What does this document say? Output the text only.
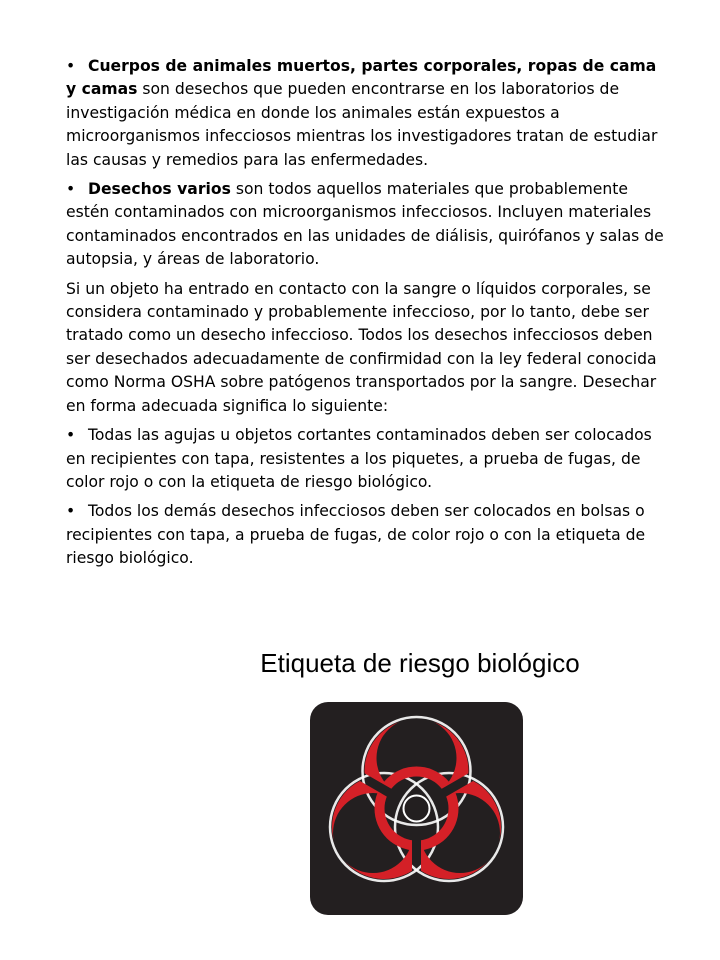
• Cuerpos de animales muertos, partes corporales, ropas de cama y camas son desechos que pueden encontrarse en los laboratorios de investigación médica en donde los animales están expuestos a microorganismos infecciosos mientras los investigadores tratan de estudiar las causas y remedios para las enfermedades.

• Desechos varios son todos aquellos materiales que probablemente estén contaminados con microorganismos infecciosos. Incluyen materiales contaminados encontrados en las unidades de diálisis, quirófanos y salas de autopsia, y áreas de laboratorio.

Si un objeto ha entrado en contacto con la sangre o líquidos corporales, se considera contaminado y probablemente infeccioso, por lo tanto, debe ser tratado como un desecho infeccioso. Todos los desechos infecciosos deben ser desechados adecuadamente de confirmidad con la ley federal conocida como Norma OSHA sobre patógenos transportados por la sangre. Desechar en forma adecuada significa lo siguiente:

• Todas las agujas u objetos cortantes contaminados deben ser colocados en recipientes con tapa, resistentes a los piquetes, a prueba de fugas, de color rojo o con la etiqueta de riesgo biológico.

• Todos los demás desechos infecciosos deben ser colocados en bolsas o recipientes con tapa, a prueba de fugas, de color rojo o con la etiqueta de riesgo biológico.

Etiqueta de riesgo biológico
